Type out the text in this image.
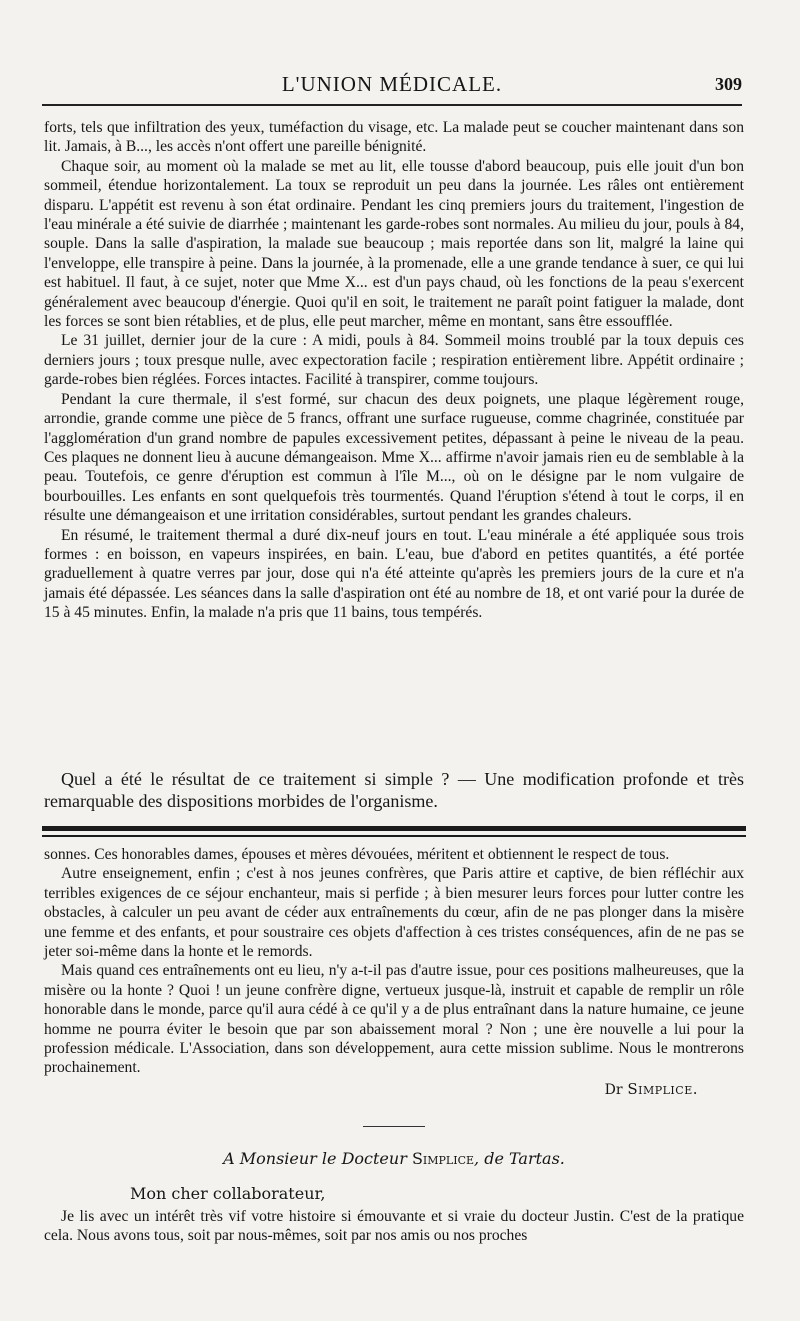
L'UNION MÉDICALE.	309

forts, tels que infiltration des yeux, tuméfaction du visage, etc. La malade peut se coucher maintenant dans son lit. Jamais, à B..., les accès n'ont offert une pareille bénignité.

Chaque soir, au moment où la malade se met au lit, elle tousse d'abord beaucoup, puis elle jouit d'un bon sommeil, étendue horizontalement. La toux se reproduit un peu dans la journée. Les râles ont entièrement disparu. L'appétit est revenu à son état ordinaire. Pendant les cinq premiers jours du traitement, l'ingestion de l'eau minérale a été suivie de diarrhée ; maintenant les garde-robes sont normales. Au milieu du jour, pouls à 84, souple. Dans la salle d'aspiration, la malade sue beaucoup ; mais reportée dans son lit, malgré la laine qui l'enveloppe, elle transpire à peine. Dans la journée, à la promenade, elle a une grande tendance à suer, ce qui lui est habituel. Il faut, à ce sujet, noter que Mme X... est d'un pays chaud, où les fonctions de la peau s'exercent généralement avec beaucoup d'énergie. Quoi qu'il en soit, le traitement ne paraît point fatiguer la malade, dont les forces se sont bien rétablies, et de plus, elle peut marcher, même en montant, sans être essoufflée.

Le 31 juillet, dernier jour de la cure : A midi, pouls à 84. Sommeil moins troublé par la toux depuis ces derniers jours ; toux presque nulle, avec expectoration facile ; respiration entièrement libre. Appétit ordinaire ; garde-robes bien réglées. Forces intactes. Facilité à transpirer, comme toujours.

Pendant la cure thermale, il s'est formé, sur chacun des deux poignets, une plaque légèrement rouge, arrondie, grande comme une pièce de 5 francs, offrant une surface rugueuse, comme chagrinée, constituée par l'agglomération d'un grand nombre de papules excessivement petites, dépassant à peine le niveau de la peau. Ces plaques ne donnent lieu à aucune démangeaison. Mme X... affirme n'avoir jamais rien eu de semblable à la peau. Toutefois, ce genre d'éruption est commun à l'île M..., où on le désigne par le nom vulgaire de bourbouilles. Les enfants en sont quelquefois très tourmentés. Quand l'éruption s'étend à tout le corps, il en résulte une démangeaison et une irritation considérables, surtout pendant les grandes chaleurs.

En résumé, le traitement thermal a duré dix-neuf jours en tout. L'eau minérale a été appliquée sous trois formes : en boisson, en vapeurs inspirées, en bain. L'eau, bue d'abord en petites quantités, a été portée graduellement à quatre verres par jour, dose qui n'a été atteinte qu'après les premiers jours de la cure et n'a jamais été dépassée. Les séances dans la salle d'aspiration ont été au nombre de 18, et ont varié pour la durée de 15 à 45 minutes. Enfin, la malade n'a pris que 11 bains, tous tempérés.

Quel a été le résultat de ce traitement si simple ? — Une modification profonde et très remarquable des dispositions morbides de l'organisme.

sonnes. Ces honorables dames, épouses et mères dévouées, méritent et obtiennent le respect de tous.

Autre enseignement, enfin ; c'est à nos jeunes confrères, que Paris attire et captive, de bien réfléchir aux terribles exigences de ce séjour enchanteur, mais si perfide ; à bien mesurer leurs forces pour lutter contre les obstacles, à calculer un peu avant de céder aux entraînements du cœur, afin de ne pas plonger dans la misère une femme et des enfants, et pour soustraire ces objets d'affection à ces tristes conséquences, afin de ne pas se jeter soi-même dans la honte et le remords.

Mais quand ces entraînements ont eu lieu, n'y a-t-il pas d'autre issue, pour ces positions malheureuses, que la misère ou la honte ? Quoi ! un jeune confrère digne, vertueux jusque-là, instruit et capable de remplir un rôle honorable dans le monde, parce qu'il aura cédé à ce qu'il y a de plus entraînant dans la nature humaine, ce jeune homme ne pourra éviter le besoin que par son abaissement moral ? Non ; une ère nouvelle a lui pour la profession médicale. L'Association, dans son développement, aura cette mission sublime. Nous le montrerons prochainement.

Dr Simplice.
A Monsieur le Docteur Simplice, de Tartas.
Mon cher collaborateur,

Je lis avec un intérêt très vif votre histoire si émouvante et si vraie du docteur Justin. C'est de la pratique cela. Nous avons tous, soit par nous-mêmes, soit par nos amis ou nos proches
